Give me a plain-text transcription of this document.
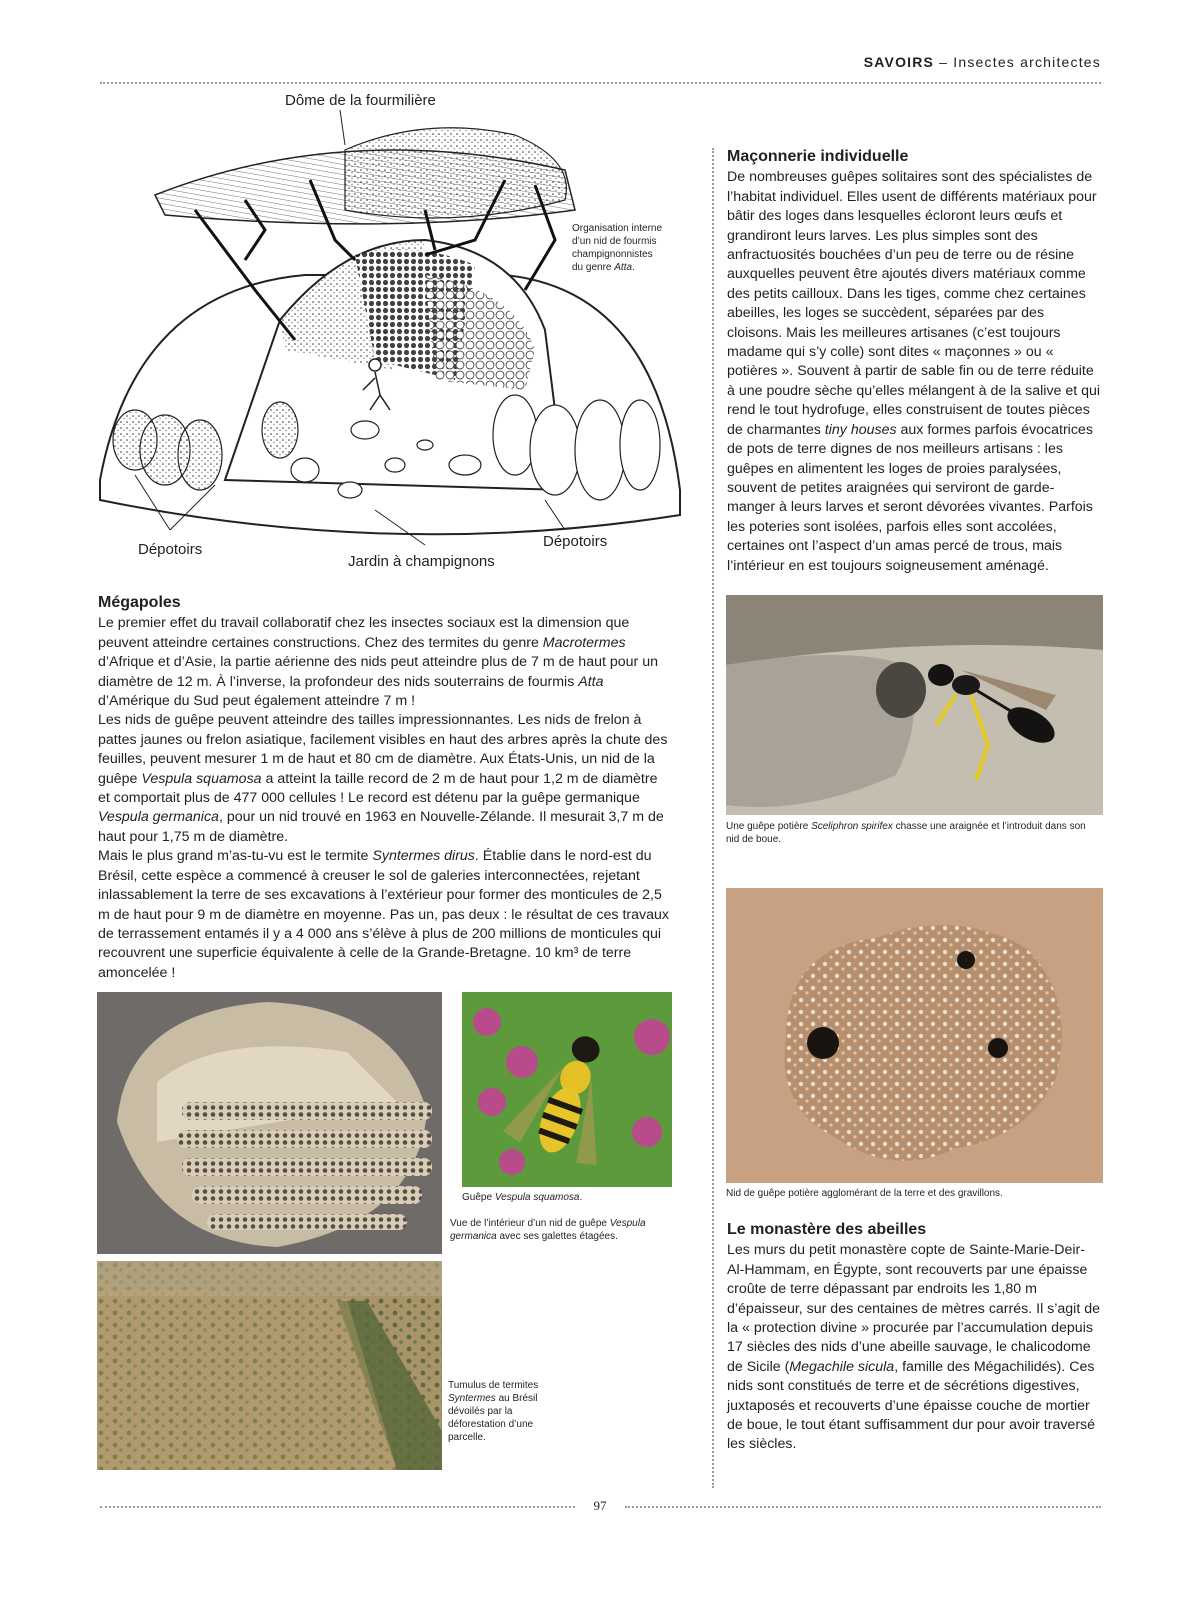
SAVOIRS – Insectes architectes
Dôme de la fourmilière
Dépotoirs	Dépotoirs
Jardin à champignons
Organisation interne
d’un nid de fourmis
champignonnistes
du genre Atta.
Mégapoles

Le premier effet du travail collaboratif chez les insectes sociaux est la dimension que peuvent atteindre certaines constructions. Chez des termites du genre Macrotermes d’Afrique et d’Asie, la partie aérienne des nids peut atteindre plus de 7 m de haut pour un diamètre de 12 m. À l’inverse, la profondeur des nids souterrains de fourmis Atta d’Amérique du Sud peut également atteindre 7 m !

Les nids de guêpe peuvent atteindre des tailles impressionnantes. Les nids de frelon à pattes jaunes ou frelon asiatique, facilement visibles en haut des arbres après la chute des feuilles, peuvent mesurer 1 m de haut et 80 cm de diamètre. Aux États-Unis, un nid de la guêpe Vespula squamosa a atteint la taille record de 2 m de haut pour 1,2 m de diamètre et comportait plus de 477 000 cellules ! Le record est détenu par la guêpe germanique Vespula germanica, pour un nid trouvé en 1963 en Nouvelle-Zélande. Il mesurait 3,7 m de haut pour 1,75 m de diamètre.

Mais le plus grand m’as-tu-vu est le termite Syntermes dirus. Établie dans le nord-est du Brésil, cette espèce a commencé à creuser le sol de galeries interconnectées, rejetant inlassablement la terre de ses excavations à l’extérieur pour former des monticules de 2,5 m de haut pour 9 m de diamètre en moyenne. Pas un, pas deux : le résultat de ces travaux de terrassement entamés il y a 4 000 ans s’élève à plus de 200 millions de monticules qui recouvrent une superficie équivalente à celle de la Grande-Bretagne. 10 km³ de terre amoncelée !

Guêpe Vespula squamosa.
Vue de l’intérieur d’un nid de guêpe Vespula germanica avec ses galettes étagées.
Tumulus de termites Syntermes au Brésil dévoilés par la déforestation d’une parcelle.
Maçonnerie individuelle

De nombreuses guêpes solitaires sont des spécialistes de l’habitat individuel. Elles usent de différents matériaux pour bâtir des loges dans lesquelles écloront leurs œufs et grandiront leurs larves. Les plus simples sont des anfractuosités bouchées d’un peu de terre ou de résine auxquelles peuvent être ajoutés divers matériaux comme des petits cailloux. Dans les tiges, comme chez certaines abeilles, les loges se succèdent, séparées par des cloisons. Mais les meilleures artisanes (c’est toujours madame qui s’y colle) sont dites « maçonnes » ou « potières ». Souvent à partir de sable fin ou de terre réduite à une poudre sèche qu’elles mélangent à de la salive et qui rend le tout hydrofuge, elles construisent de toutes pièces de charmantes tiny houses aux formes parfois évocatrices de pots de terre dignes de nos meilleurs artisans : les guêpes en alimentent les loges de proies paralysées, souvent de petites araignées qui serviront de garde-manger à leurs larves et seront dévorées vivantes. Parfois les poteries sont isolées, parfois elles sont accolées, certaines ont l’aspect d’un amas percé de trous, mais l’intérieur en est toujours soigneusement aménagé.

Une guêpe potière Sceliphron spirifex chasse une araignée et l’introduit dans son nid de boue.
Nid de guêpe potière agglomérant de la terre et des gravillons.
Le monastère des abeilles

Les murs du petit monastère copte de Sainte-Marie-Deir-Al-Hammam, en Égypte, sont recouverts par une épaisse croûte de terre dépassant par endroits les 1,80 m d’épaisseur, sur des centaines de mètres carrés. Il s’agit de la « protection divine » procurée par l’accumulation depuis 17 siècles des nids d’une abeille sauvage, le chalicodome de Sicile (Megachile sicula, famille des Mégachilidés). Ces nids sont constitués de terre et de sécrétions digestives, juxtaposés et recouverts d’une épaisse couche de mortier de boue, le tout étant suffisamment dur pour avoir traversé les siècles.

97
